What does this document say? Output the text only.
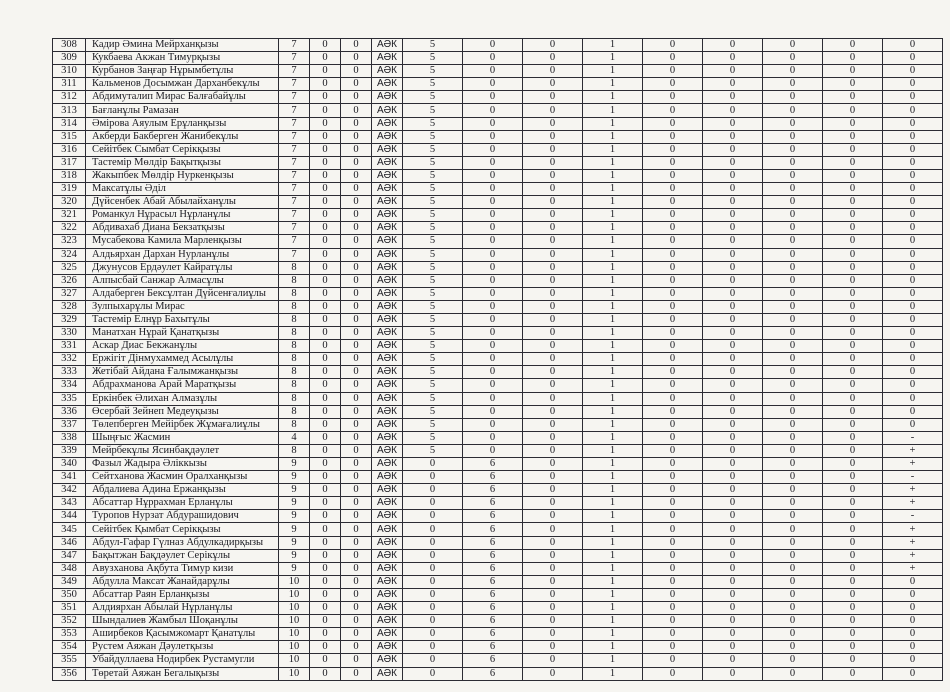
308	Кадир Әмина Мейрханқызы	7	0	0	АӘК	5	0	0	1	0	0	0	0	0
309	Кукбаева Акжан Тимурқызы	7	0	0	АӘК	5	0	0	1	0	0	0	0	0
310	Курбанов Заңғар Нұрымбетұлы	7	0	0	АӘК	5	0	0	1	0	0	0	0	0
311	Кальменов Досымжан Дарханбекұлы	7	0	0	АӘК	5	0	0	1	0	0	0	0	0
312	Абдимуталип Мирас Балғабайұлы	7	0	0	АӘК	5	0	0	1	0	0	0	0	0
313	Бағланұлы Рамазан	7	0	0	АӘК	5	0	0	1	0	0	0	0	0
314	Әмірова Аяулым Ерұланқызы	7	0	0	АӘК	5	0	0	1	0	0	0	0	0
315	Акберди Бакберген Жанибекұлы	7	0	0	АӘК	5	0	0	1	0	0	0	0	0
316	Сейітбек Сымбат Серікқызы	7	0	0	АӘК	5	0	0	1	0	0	0	0	0
317	Тастемір Мөлдір Бақытқызы	7	0	0	АӘК	5	0	0	1	0	0	0	0	0
318	Жакыпбек Мөлдір Нуркенқызы	7	0	0	АӘК	5	0	0	1	0	0	0	0	0
319	Максатұлы Әділ	7	0	0	АӘК	5	0	0	1	0	0	0	0	0
320	Дүйсенбек Абай Абылайханұлы	7	0	0	АӘК	5	0	0	1	0	0	0	0	0
321	Романкул Нұрасыл Нұрланұлы	7	0	0	АӘК	5	0	0	1	0	0	0	0	0
322	Абдивахаб Диана Бекзатқызы	7	0	0	АӘК	5	0	0	1	0	0	0	0	0
323	Мусабекова Камила Марленқызы	7	0	0	АӘК	5	0	0	1	0	0	0	0	0
324	Алдьярхан Дархан Нурланұлы	7	0	0	АӘК	5	0	0	1	0	0	0	0	0
325	Джунусов Ердәулет Кайратұлы	8	0	0	АӘК	5	0	0	1	0	0	0	0	0
326	Алпысбай Санжар Алмасұлы	8	0	0	АӘК	5	0	0	1	0	0	0	0	0
327	Алдаберген Бексұлтан Дүйсенғалиұлы	8	0	0	АӘК	5	0	0	1	0	0	0	0	0
328	Зулпыхарұлы Мирас	8	0	0	АӘК	5	0	0	1	0	0	0	0	0
329	Тастемір Елнұр Бахытұлы	8	0	0	АӘК	5	0	0	1	0	0	0	0	0
330	Манатхан Нұрай Қанатқызы	8	0	0	АӘК	5	0	0	1	0	0	0	0	0
331	Аскар Диас Бекжанұлы	8	0	0	АӘК	5	0	0	1	0	0	0	0	0
332	Ержігіт Дінмухаммед Асылұлы	8	0	0	АӘК	5	0	0	1	0	0	0	0	0
333	Жетібай Айдана Ғалымжанқызы	8	0	0	АӘК	5	0	0	1	0	0	0	0	0
334	Абдрахманова Арай Маратқызы	8	0	0	АӘК	5	0	0	1	0	0	0	0	0
335	Еркінбек Әлихан Алмазұлы	8	0	0	АӘК	5	0	0	1	0	0	0	0	0
336	Өсербай Зейнеп Медеуқызы	8	0	0	АӘК	5	0	0	1	0	0	0	0	0
337	Төлепберген Мейірбек Жұмағалиұлы	8	0	0	АӘК	5	0	0	1	0	0	0	0	0
338	Шыңғыс Жасмин	4	0	0	АӘК	5	0	0	1	0	0	0	0	-
339	Мейрбекұлы Ясинбақдәулет	8	0	0	АӘК	5	0	0	1	0	0	0	0	+
340	Фазыл Жадыра Әліккызы	9	0	0	АӘК	0	6	0	1	0	0	0	0	+
341	Сейтханова Жасмин Оралханқызы	9	0	0	АӘК	0	6	0	1	0	0	0	0	-
342	Абдалиева Адина Ержанқызы	9	0	0	АӘК	0	6	0	1	0	0	0	0	+
343	Абсаттар Нұррахман Ерланұлы	9	0	0	АӘК	0	6	0	1	0	0	0	0	+
344	Туропов Нурзат Абдурашидович	9	0	0	АӘК	0	6	0	1	0	0	0	0	-
345	Сейітбек Қымбат Серікқызы	9	0	0	АӘК	0	6	0	1	0	0	0	0	+
346	Абдул-Гафар Гүлназ Абдулкадирқызы	9	0	0	АӘК	0	6	0	1	0	0	0	0	+
347	Бақытжан Бақдәулет Серікұлы	9	0	0	АӘК	0	6	0	1	0	0	0	0	+
348	Авузханова Ақбута Тимур кизи	9	0	0	АӘК	0	6	0	1	0	0	0	0	+
349	Абдулла Максат Жанайдарұлы	10	0	0	АӘК	0	6	0	1	0	0	0	0	0
350	Абсаттар Раян Ерланқызы	10	0	0	АӘК	0	6	0	1	0	0	0	0	0
351	Алдиярхан Абылай Нұрланұлы	10	0	0	АӘК	0	6	0	1	0	0	0	0	0
352	Шындалиев Жамбыл Шоқанұлы	10	0	0	АӘК	0	6	0	1	0	0	0	0	0
353	Аширбеков Қасымжомарт Қанатұлы	10	0	0	АӘК	0	6	0	1	0	0	0	0	0
354	Рустем Аяжан Дәулетқызы	10	0	0	АӘК	0	6	0	1	0	0	0	0	0
355	Убайдуллаева Нодирбек Рустамугли	10	0	0	АӘК	0	6	0	1	0	0	0	0	0
356	Төретай Аяжан Бегалықызы	10	0	0	АӘК	0	6	0	1	0	0	0	0	0
